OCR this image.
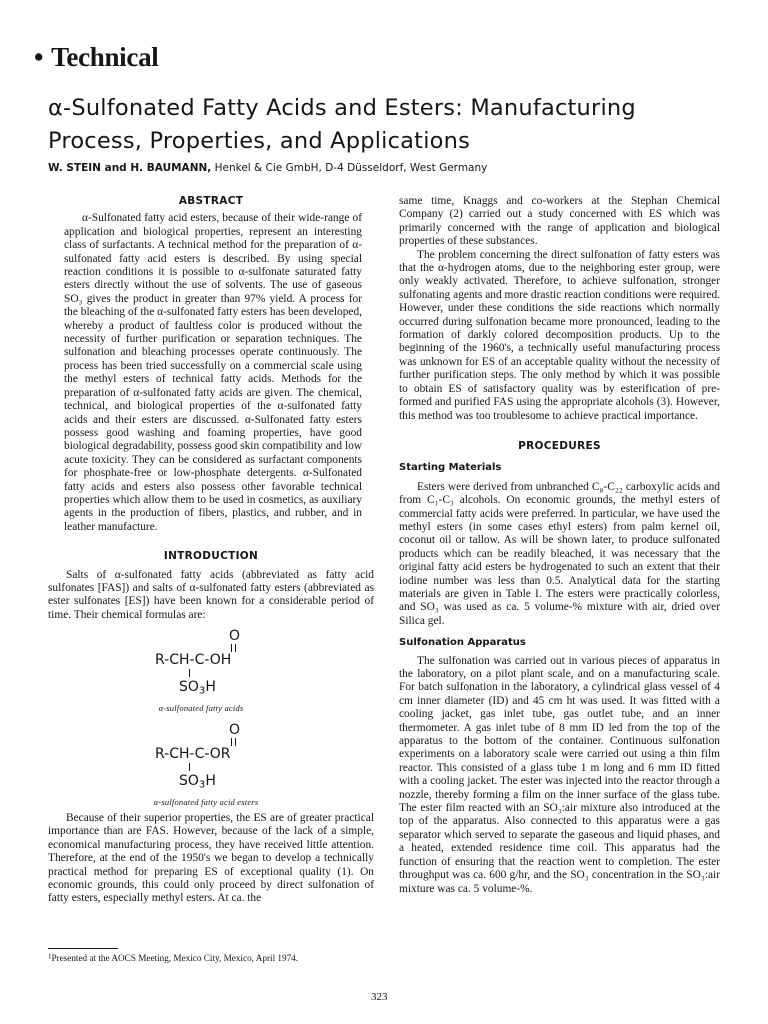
• Technical
α-Sulfonated Fatty Acids and Esters: Manufacturing
Process, Properties, and Applications
W. STEIN and H. BAUMANN, Henkel & Cie GmbH, D-4 Düsseldorf, West Germany
ABSTRACT

α-Sulfonated fatty acid esters, because of their wide-range of application and biological properties, represent an interesting class of surfactants. A technical method for the preparation of α-sulfonated fatty acid esters is described. By using special reaction conditions it is possible to α-sulfonate saturated fatty esters directly without the use of solvents. The use of gaseous SO₃ gives the product in greater than 97% yield. A process for the bleaching of the α-sulfonated fatty esters has been developed, whereby a product of faultless color is produced without the necessity of further purification or separation techniques. The sulfonation and bleaching processes operate continuously. The process has been tried successfully on a commercial scale using the methyl esters of technical fatty acids. Methods for the preparation of α-sulfonated fatty acids are given. The chemical, technical, and biological properties of the α-sulfonated fatty acids and their esters are discussed. α-Sulfonated fatty esters possess good washing and foaming properties, have good biological degradability, possess good skin compatibility and low acute toxicity. They can be considered as surfactant components for phosphate-free or low-phosphate detergents. α-Sulfonated fatty acids and esters also possess other favorable technical properties which allow them to be used in cosmetics, as auxiliary agents in the production of fibers, plastics, and rubber, and in leather manufacture.

INTRODUCTION

Salts of α-sulfonated fatty acids (abbreviated as fatty acid sulfonates [FAS]) and salts of α-sulfonated fatty esters (abbreviated as ester sulfonates [ES]) have been known for a considerable period of time. Their chemical formulas are:

O
R-CH-C-OH
$SO_3H$
α-sulfonated fatty acids
O
R-CH-C-OR
$SO_3H$
α-sulfonated fatty acid esters

Because of their superior properties, the ES are of greater practical importance than are FAS. However, because of the lack of a simple, economical manufacturing process, they have received little attention. Therefore, at the end of the 1950's we began to develop a technically practical method for preparing ES of exceptional quality (1). On economic grounds, this could only proceed by direct sulfonation of fatty esters, especially methyl esters. At ca. the

same time, Knaggs and co-workers at the Stephan Chemical Company (2) carried out a study concerned with ES which was primarily concerned with the range of application and biological properties of these substances.

The problem concerning the direct sulfonation of fatty esters was that the α-hydrogen atoms, due to the neighboring ester group, were only weakly activated. Therefore, to achieve sulfonation, stronger sulfonating agents and more drastic reaction conditions were required. However, under these conditions the side reactions which normally occurred during sulfonation became more pronounced, leading to the formation of darkly colored decomposition products. Up to the beginning of the 1960's, a technically useful manufacturing process was unknown for ES of an acceptable quality without the necessity of further purification steps. The only method by which it was possible to obtain ES of satisfactory quality was by esterification of pre-formed and purified FAS using the appropriate alcohols (3). However, this method was too troublesome to achieve practical importance.

PROCEDURES
Starting Materials

Esters were derived from unbranched C₈-C₂₂ carboxylic acids and from C₁-C₃ alcohols. On economic grounds, the methyl esters of commercial fatty acids were preferred. In particular, we have used the methyl esters (in some cases ethyl esters) from palm kernel oil, coconut oil or tallow. As will be shown later, to produce sulfonated products which can be readily bleached, it was necessary that the original fatty acid esters be hydrogenated to such an extent that their iodine number was less than 0.5. Analytical data for the starting materials are given in Table I. The esters were practically colorless, and SO₃ was used as ca. 5 volume-% mixture with air, dried over Silica gel.

Sulfonation Apparatus

The sulfonation was carried out in various pieces of apparatus in the laboratory, on a pilot plant scale, and on a manufacturing scale. For batch sulfonation in the laboratory, a cylindrical glass vessel of 4 cm inner diameter (ID) and 45 cm ht was used. It was fitted with a cooling jacket, gas inlet tube, gas outlet tube, and an inner thermometer. A gas inlet tube of 8 mm ID led from the top of the apparatus to the bottom of the container. Continuous sulfonation experiments on a laboratory scale were carried out using a thin film reactor. This consisted of a glass tube 1 m long and 6 mm ID fitted with a cooling jacket. The ester was injected into the reactor through a nozzle, thereby forming a film on the inner surface of the glass tube. The ester film reacted with an SO₃:air mixture also introduced at the top of the apparatus. Also connected to this apparatus were a gas separator which served to separate the gaseous and liquid phases, and a heated, extended residence time coil. This apparatus had the function of ensuring that the reaction went to completion. The ester throughput was ca. 600 g/hr, and the SO₃ concentration in the SO₃:air mixture was ca. 5 volume-%.

$^1$Presented at the AOCS Meeting, Mexico City, Mexico, April 1974.
323
